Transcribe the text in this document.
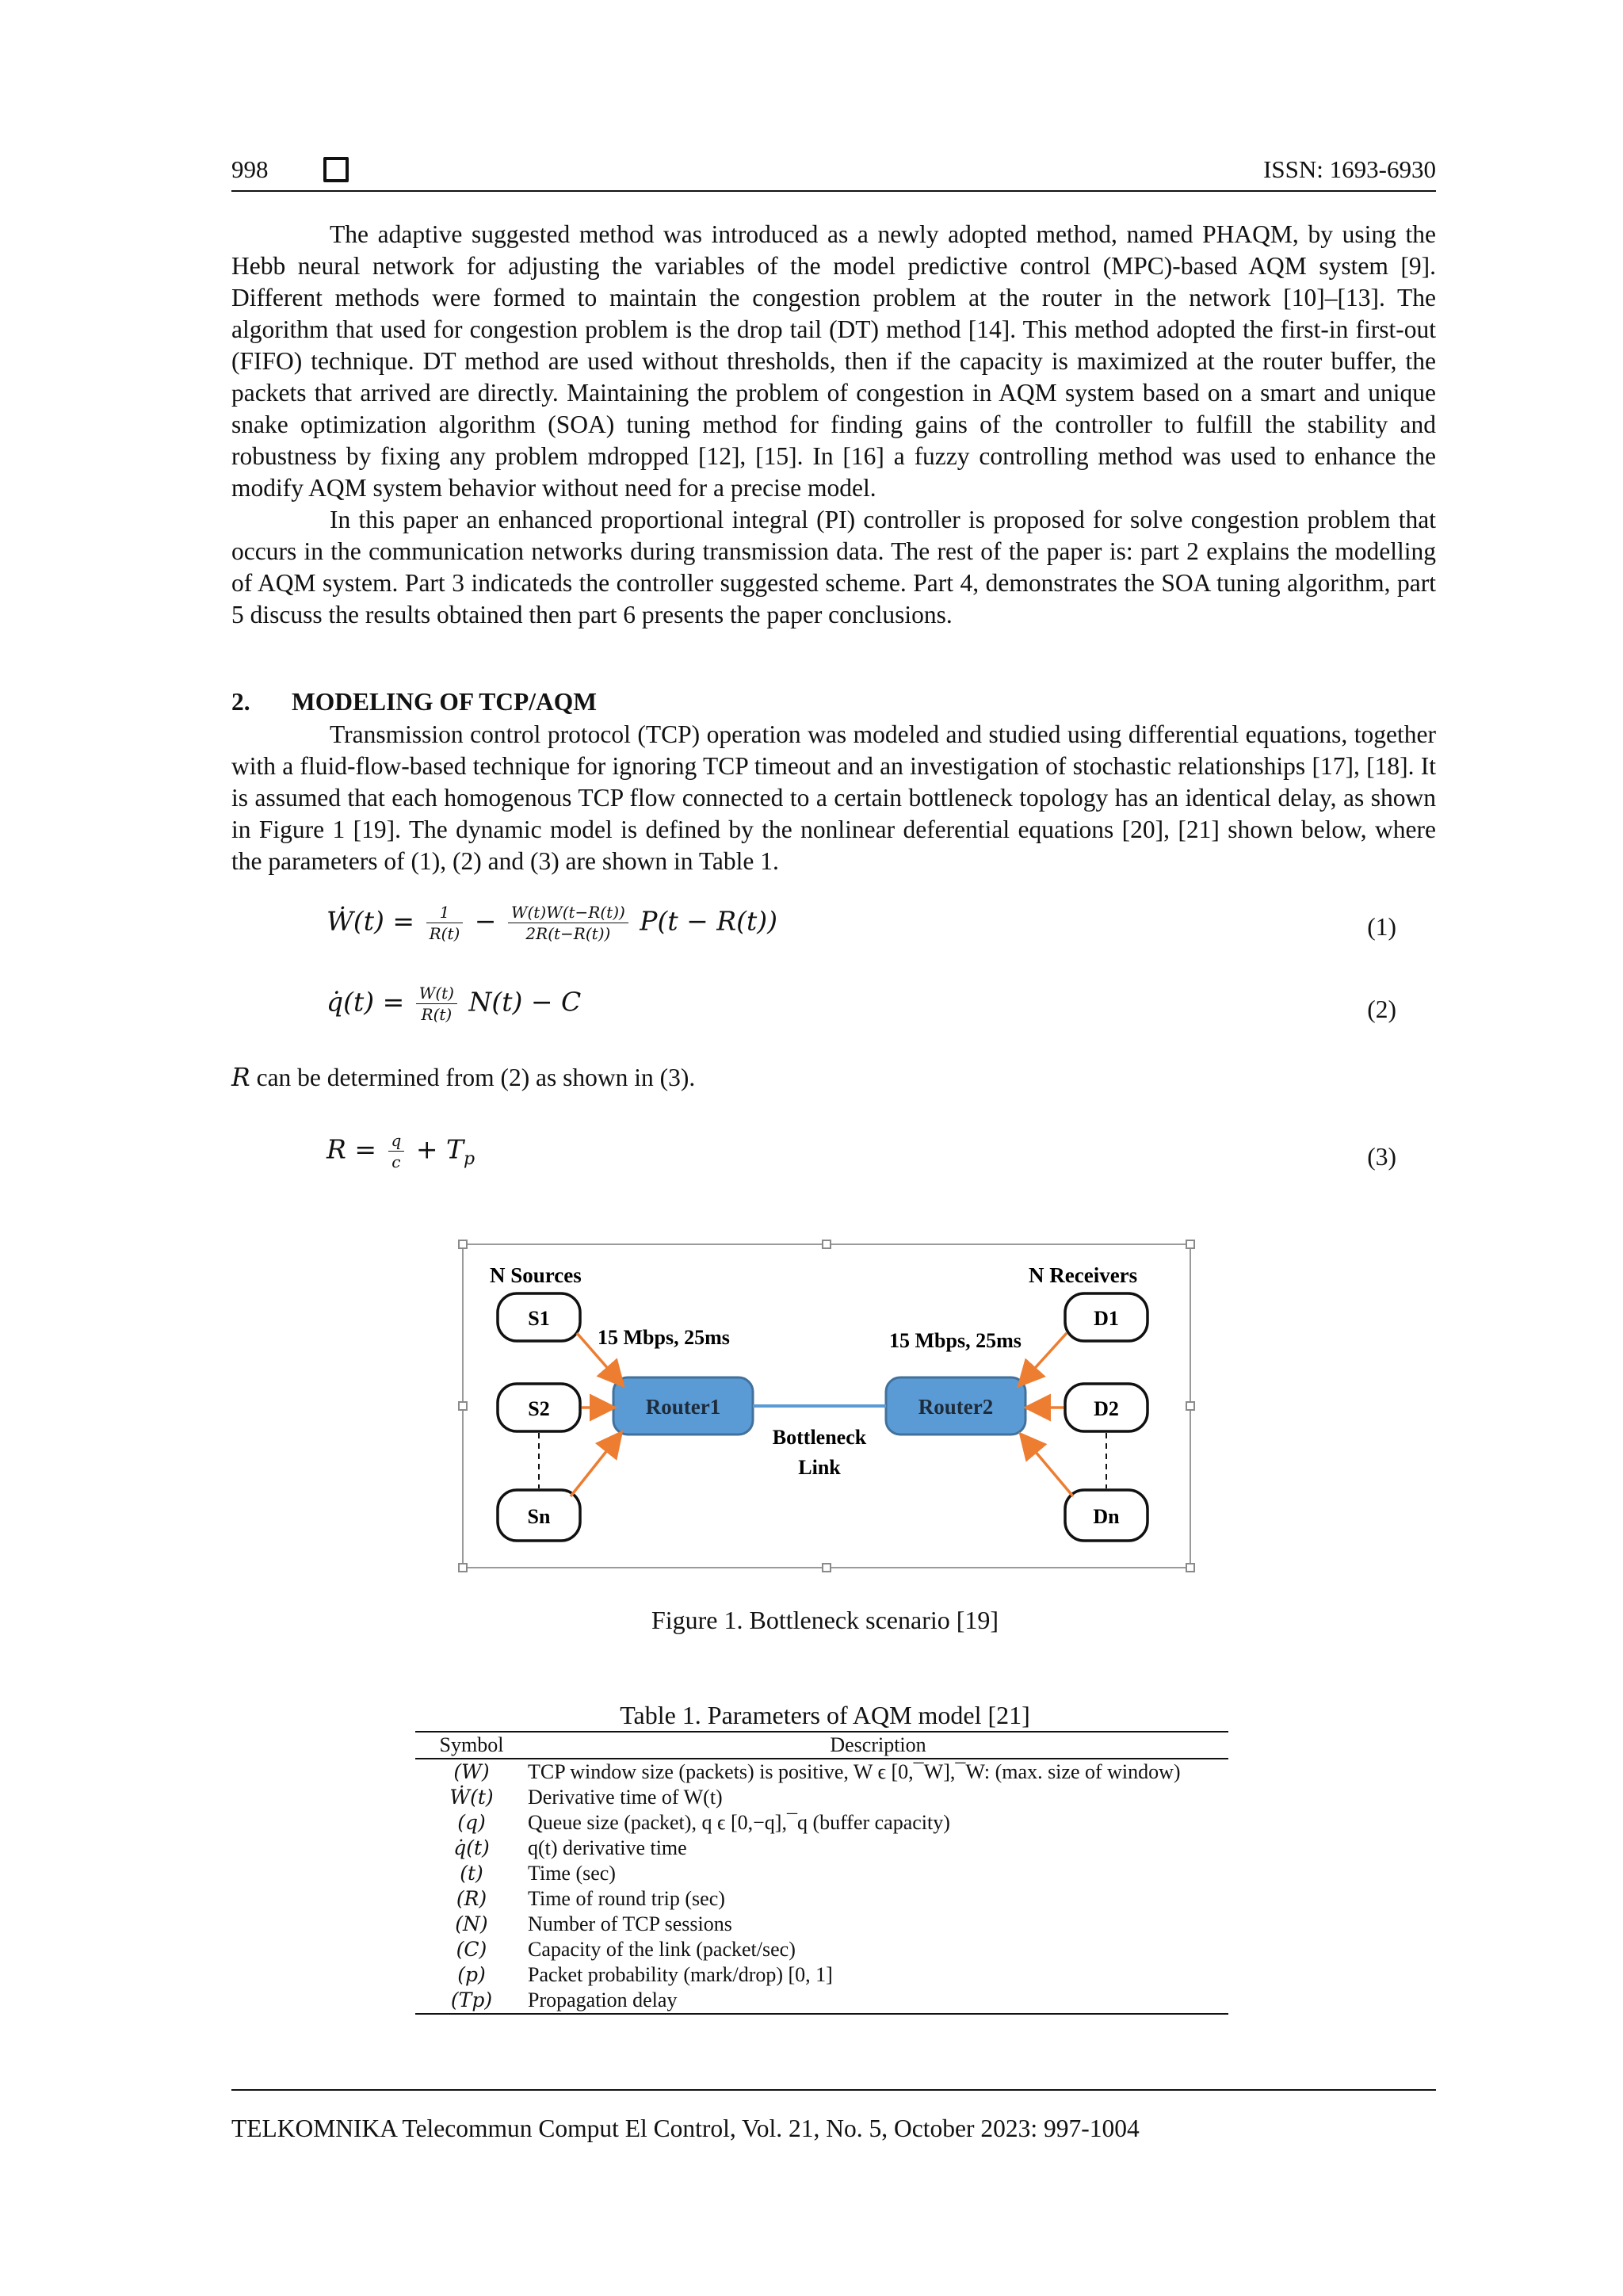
998	ISSN: 1693-6930
The adaptive suggested method was introduced as a newly adopted method, named PHAQM, by using the Hebb neural network for adjusting the variables of the model predictive control (MPC)-based AQM system [9]. Different methods were formed to maintain the congestion problem at the router in the network [10]–[13]. The algorithm that used for congestion problem is the drop tail (DT) method [14]. This method adopted the first-in first-out (FIFO) technique. DT method are used without thresholds, then if the capacity is maximized at the router buffer, the packets that arrived are directly. Maintaining the problem of congestion in AQM system based on a smart and unique snake optimization algorithm (SOA) tuning method for finding gains of the controller to fulfill the stability and robustness by fixing any problem mdropped [12], [15]. In [16] a fuzzy controlling method was used to enhance the modify AQM system behavior without need for a precise model.
In this paper an enhanced proportional integral (PI) controller is proposed for solve congestion problem that occurs in the communication networks during transmission data. The rest of the paper is: part 2 explains the modelling of AQM system. Part 3 indicateds the controller suggested scheme. Part 4, demonstrates the SOA tuning algorithm, part 5 discuss the results obtained then part 6 presents the paper conclusions.
2. MODELING OF TCP/AQM
Transmission control protocol (TCP) operation was modeled and studied using differential equations, together with a fluid-flow-based technique for ignoring TCP timeout and an investigation of stochastic relationships [17], [18]. It is assumed that each homogenous TCP flow connected to a certain bottleneck topology has an identical delay, as shown in Figure 1 [19]. The dynamic model is defined by the nonlinear deferential equations [20], [21] shown below, where the parameters of (1), (2) and (3) are shown in Table 1.
Ẇ(t) = $\frac{1}{R(t)} - \frac{W(t)W(t-R(t))}{2R(t-R(t))} P(t - R(t))$	(1)
q̇(t) = $\frac{W(t)}{R(t)} N(t) - C$	(2)
R can be determined from (2) as shown in (3).
$R = \frac{q}{c} + T_p$	(3)
N Sources	N Receivers
S1
S2
Sn
D1
D2
Dn
Router1	Router2
Bottleneck
Link
15 Mbps, 25ms	15 Mbps, 25ms
Figure 1. Bottleneck scenario [19]
Table 1. Parameters of AQM model [21]
Symbol	Description
(W)	TCP window size (packets) is positive, W ϵ [0,¯W],¯W: (max. size of window)
Ẇ(t)	Derivative time of W(t)
(q)	Queue size (packet), q ϵ [0,−q],¯q (buffer capacity)
q̇(t)	q(t) derivative time
(t)	Time (sec)
(R)	Time of round trip (sec)
(N)	Number of TCP sessions
(C)	Capacity of the link (packet/sec)
(p)	Packet probability (mark/drop) [0, 1]
(Tp)	Propagation delay
TELKOMNIKA Telecommun Comput El Control, Vol. 21, No. 5, October 2023: 997-1004
